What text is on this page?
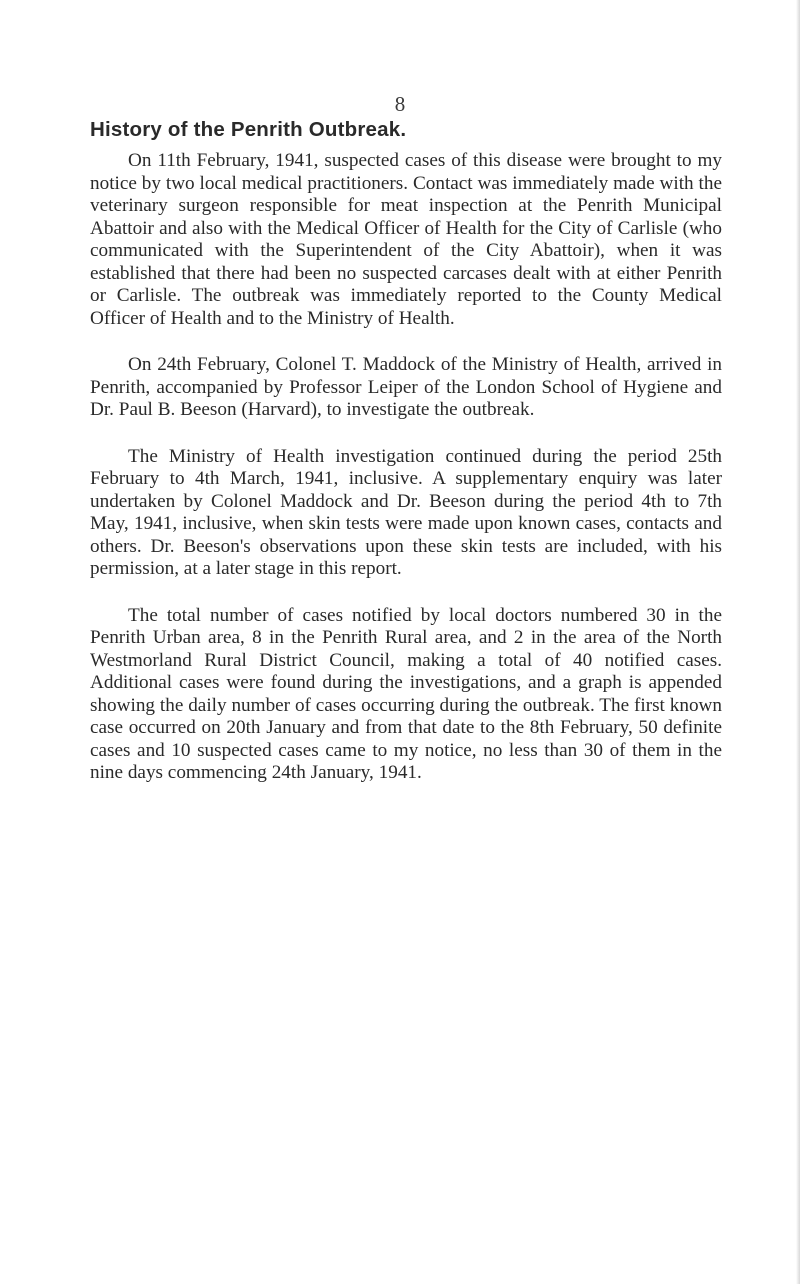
8
History of the Penrith Outbreak.

On 11th February, 1941, suspected cases of this disease were brought to my notice by two local medical practitioners. Contact was immediately made with the veterinary surgeon responsible for meat inspection at the Penrith Municipal Abattoir and also with the Medical Officer of Health for the City of Carlisle (who communicated with the Superintendent of the City Abattoir), when it was established that there had been no suspected carcases dealt with at either Penrith or Carlisle. The outbreak was immediately reported to the County Medical Officer of Health and to the Ministry of Health.

On 24th February, Colonel T. Maddock of the Ministry of Health, arrived in Penrith, accompanied by Professor Leiper of the London School of Hygiene and Dr. Paul B. Beeson (Harvard), to investigate the outbreak.

The Ministry of Health investigation continued during the period 25th February to 4th March, 1941, inclusive. A supplementary enquiry was later undertaken by Colonel Maddock and Dr. Beeson during the period 4th to 7th May, 1941, inclusive, when skin tests were made upon known cases, contacts and others. Dr. Beeson's observations upon these skin tests are included, with his permission, at a later stage in this report.

The total number of cases notified by local doctors numbered 30 in the Penrith Urban area, 8 in the Penrith Rural area, and 2 in the area of the North Westmorland Rural District Council, making a total of 40 notified cases. Additional cases were found during the investigations, and a graph is appended showing the daily number of cases occurring during the outbreak. The first known case occurred on 20th January and from that date to the 8th February, 50 definite cases and 10 suspected cases came to my notice, no less than 30 of them in the nine days commencing 24th January, 1941.
